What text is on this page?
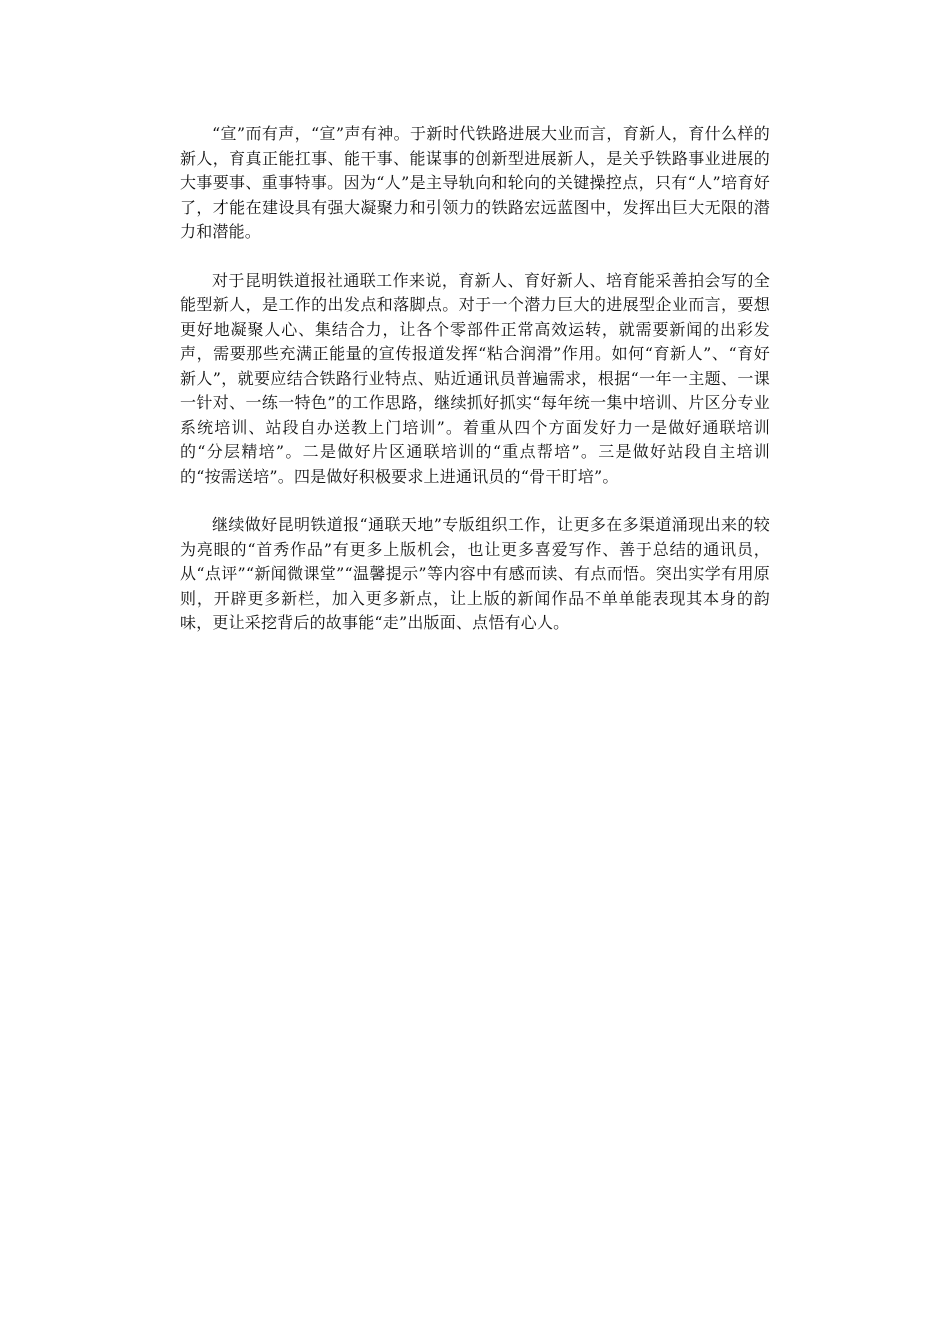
“宣”而有声，“宣”声有神。于新时代铁路进展大业而言，育新人，育什么样的新人，育真正能扛事、能干事、能谋事的创新型进展新人，是关乎铁路事业进展的大事要事、重事特事。因为“人”是主导轨向和轮向的关键操控点，只有“人”培育好了，才能在建设具有强大凝聚力和引领力的铁路宏远蓝图中，发挥出巨大无限的潜力和潜能。

对于昆明铁道报社通联工作来说，育新人、育好新人、培育能采善拍会写的全能型新人，是工作的出发点和落脚点。对于一个潜力巨大的进展型企业而言，要想更好地凝聚人心、集结合力，让各个零部件正常高效运转，就需要新闻的出彩发声，需要那些充满正能量的宣传报道发挥“粘合润滑”作用。如何“育新人”、“育好新人”，就要应结合铁路行业特点、贴近通讯员普遍需求，根据“一年一主题、一课一针对、一练一特色”的工作思路，继续抓好抓实“每年统一集中培训、片区分专业系统培训、站段自办送教上门培训”。着重从四个方面发好力一是做好通联培训的“分层精培”。二是做好片区通联培训的“重点帮培”。三是做好站段自主培训的“按需送培”。四是做好积极要求上进通讯员的“骨干盯培”。

继续做好昆明铁道报“通联天地”专版组织工作，让更多在多渠道涌现出来的较为亮眼的“首秀作品”有更多上版机会，也让更多喜爱写作、善于总结的通讯员，从“点评”“新闻微课堂”“温馨提示”等内容中有感而读、有点而悟。突出实学有用原则，开辟更多新栏，加入更多新点，让上版的新闻作品不单单能表现其本身的韵味，更让采挖背后的故事能“走”出版面、点悟有心人。
